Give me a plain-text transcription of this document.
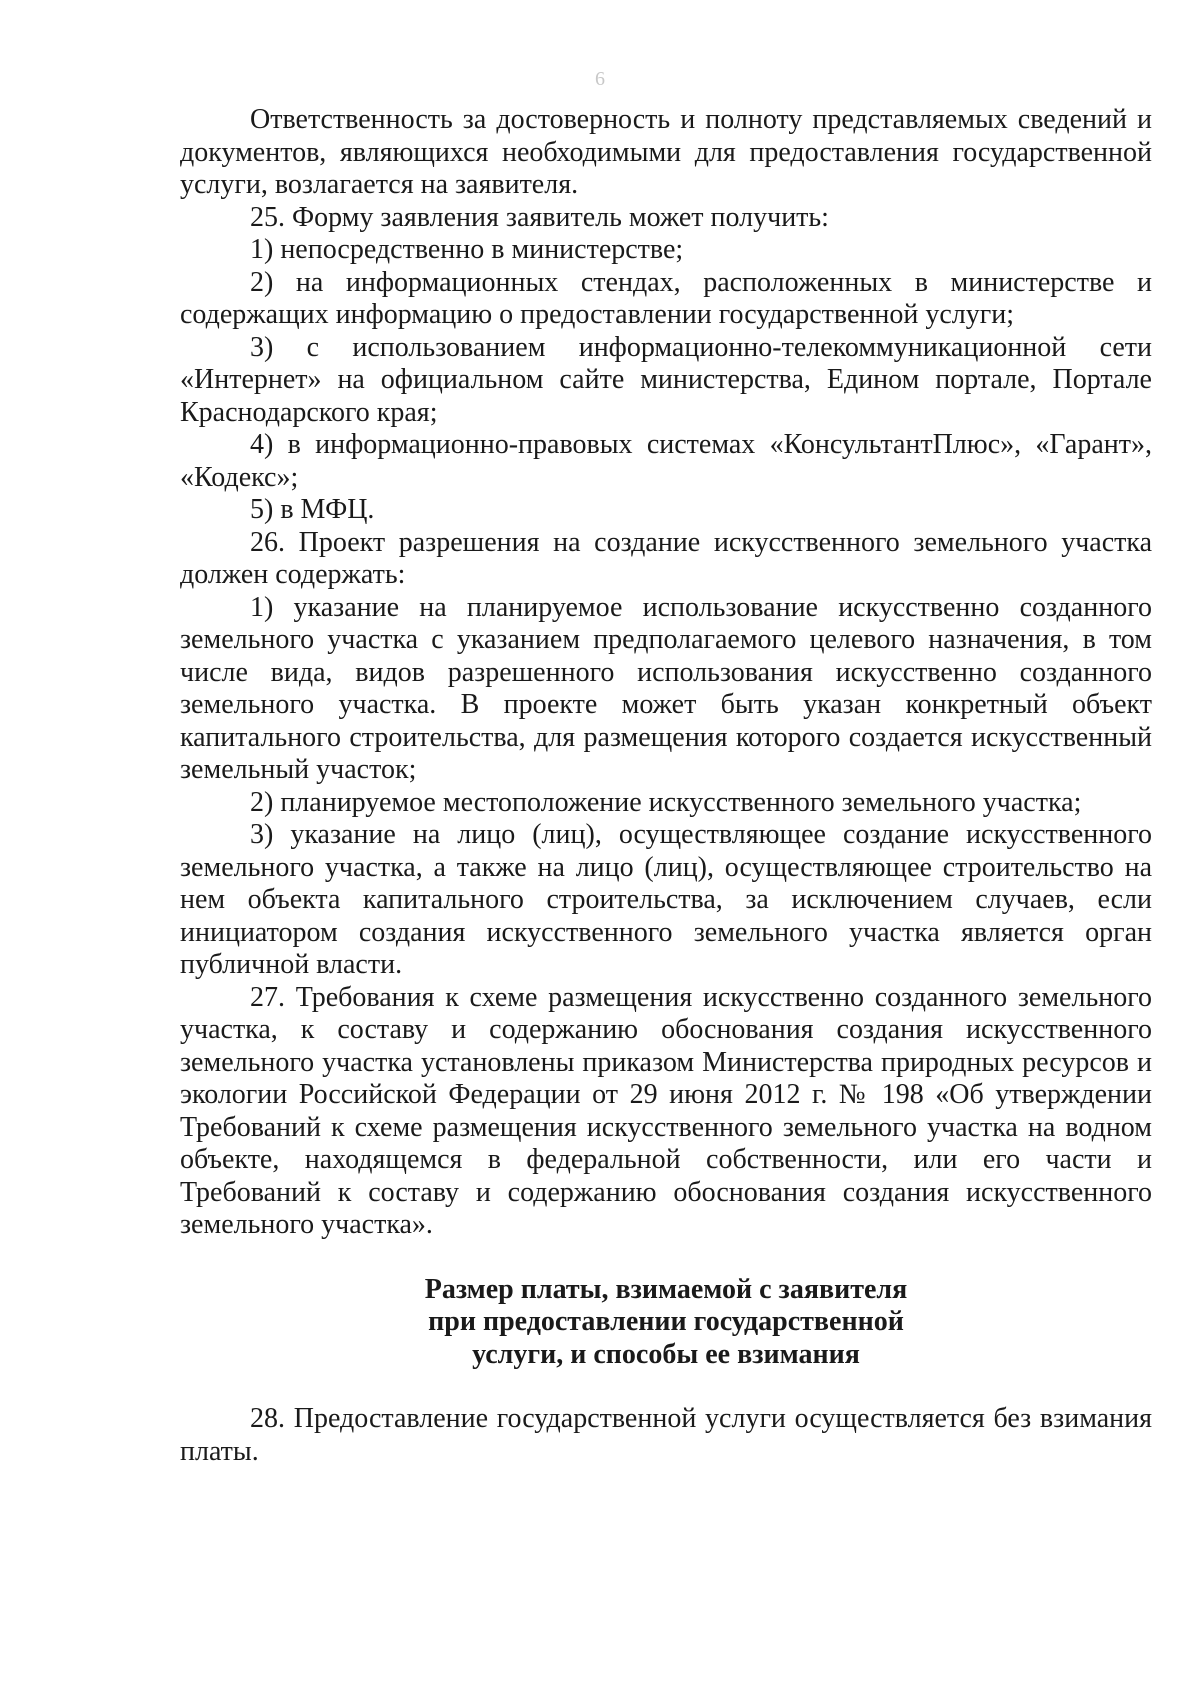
6

Ответственность за достоверность и полноту представляемых сведений и документов, являющихся необходимыми для предоставления государственной услуги, возлагается на заявителя.

25. Форму заявления заявитель может получить:

1) непосредственно в министерстве;

2) на информационных стендах, расположенных в министерстве и содержащих информацию о предоставлении государственной услуги;

3) с использованием информационно-телекоммуникационной сети «Интернет» на официальном сайте министерства, Едином портале, Портале Краснодарского края;

4) в информационно-правовых системах «КонсультантПлюс», «Гарант», «Кодекс»;

5) в МФЦ.

26. Проект разрешения на создание искусственного земельного участка должен содержать:

1) указание на планируемое использование искусственно созданного земельного участка с указанием предполагаемого целевого назначения, в том числе вида, видов разрешенного использования искусственно созданного земельного участка. В проекте может быть указан конкретный объект капитального строительства, для размещения которого создается искусственный земельный участок;

2) планируемое местоположение искусственного земельного участка;

3) указание на лицо (лиц), осуществляющее создание искусственного земельного участка, а также на лицо (лиц), осуществляющее строительство на нем объекта капитального строительства, за исключением случаев, если инициатором создания искусственного земельного участка является орган публичной власти.

27. Требования к схеме размещения искусственно созданного земельного участка, к составу и содержанию обоснования создания искусственного земельного участка установлены приказом Министерства природных ресурсов и экологии Российской Федерации от 29 июня 2012 г. № 198 «Об утверждении Требований к схеме размещения искусственного земельного участка на водном объекте, находящемся в федеральной собственности, или его части и Требований к составу и содержанию обоснования создания искусственного земельного участка».

Размер платы, взимаемой с заявителя
при предоставлении государственной
услуги, и способы ее взимания

28. Предоставление государственной услуги осуществляется без взимания платы.
